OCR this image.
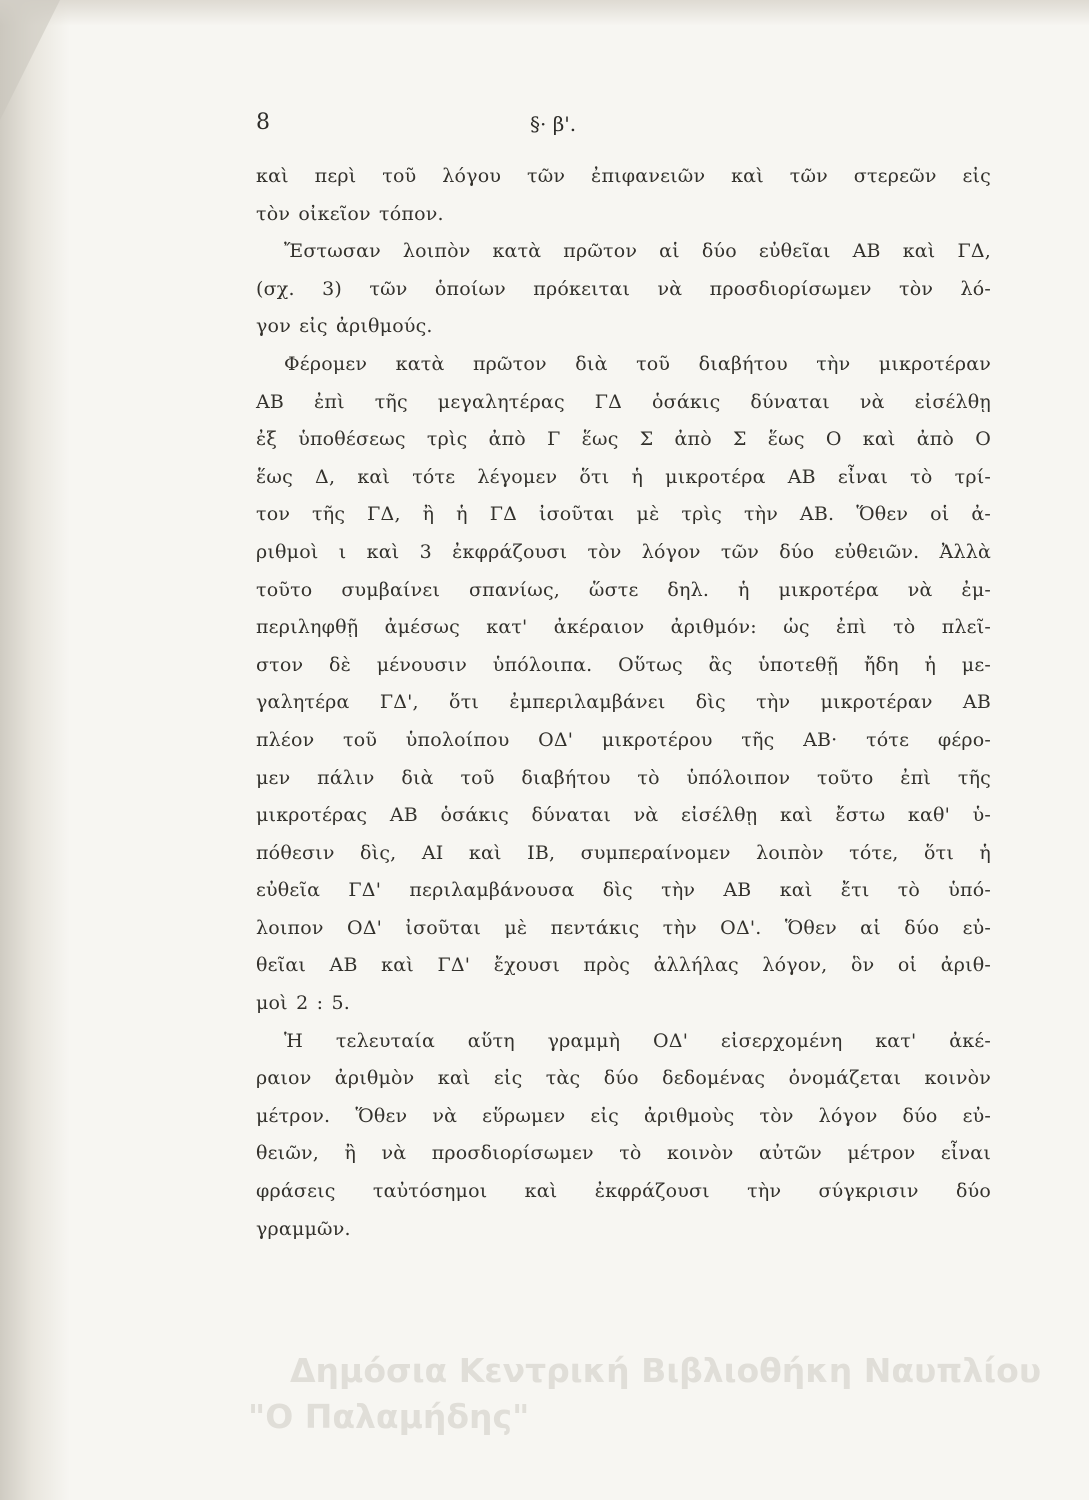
8	§· β'.
καὶ περὶ τοῦ λόγου τῶν ἐπιφανειῶν καὶ τῶν στερεῶν εἰς
τὸν οἰκεῖον τόπον.
Ἔστωσαν λοιπὸν κατὰ πρῶτον αἱ δύο εὐθεῖαι ΑΒ καὶ ΓΔ,
(σχ. 3) τῶν ὁποίων πρόκειται νὰ προσδιορίσωμεν τὸν λό-
γον εἰς ἀριθμούς.
Φέρομεν κατὰ πρῶτον διὰ τοῦ διαβήτου τὴν μικροτέραν
ΑΒ ἐπὶ τῆς μεγαλητέρας ΓΔ ὁσάκις δύναται νὰ εἰσέλθῃ
ἐξ ὑποθέσεως τρὶς ἀπὸ Γ ἕως Σ ἀπὸ Σ ἕως Ο καὶ ἀπὸ Ο
ἕως Δ, καὶ τότε λέγομεν ὅτι ἡ μικροτέρα ΑΒ εἶναι τὸ τρί-
τον τῆς ΓΔ, ἢ ἡ ΓΔ ἰσοῦται μὲ τρὶς τὴν ΑΒ. Ὅθεν οἱ ἀ-
ριθμοὶ ι καὶ 3 ἐκφράζουσι τὸν λόγον τῶν δύο εὐθειῶν. Ἀλλὰ
τοῦτο συμβαίνει σπανίως, ὥστε δηλ. ἡ μικροτέρα νὰ ἐμ-
περιληφθῇ ἀμέσως κατ' ἀκέραιον ἀριθμόν: ὡς ἐπὶ τὸ πλεῖ-
στον δὲ μένουσιν ὑπόλοιπα. Οὕτως ἂς ὑποτεθῇ ἤδη ἡ με-
γαλητέρα ΓΔ', ὅτι ἐμπεριλαμβάνει δὶς τὴν μικροτέραν ΑΒ
πλέον τοῦ ὑπολοίπου ΟΔ' μικροτέρου τῆς ΑΒ· τότε φέρο-
μεν πάλιν διὰ τοῦ διαβήτου τὸ ὑπόλοιπον τοῦτο ἐπὶ τῆς
μικροτέρας ΑΒ ὁσάκις δύναται νὰ εἰσέλθῃ καὶ ἔστω καθ' ὑ-
πόθεσιν δὶς, ΑΙ καὶ ΙΒ, συμπεραίνομεν λοιπὸν τότε, ὅτι ἡ
εὐθεῖα ΓΔ' περιλαμβάνουσα δὶς τὴν ΑΒ καὶ ἔτι τὸ ὑπό-
λοιπον ΟΔ' ἰσοῦται μὲ πεντάκις τὴν ΟΔ'. Ὅθεν αἱ δύο εὐ-
θεῖαι ΑΒ καὶ ΓΔ' ἔχουσι πρὸς ἀλλήλας λόγον, ὃν οἱ ἀριθ-
μοὶ 2 : 5.
Ἡ τελευταία αὕτη γραμμὴ ΟΔ' εἰσερχομένη κατ' ἀκέ-
ραιον ἀριθμὸν καὶ εἰς τὰς δύο δεδομένας ὀνομάζεται κοινὸν
μέτρον. Ὅθεν νὰ εὕρωμεν εἰς ἀριθμοὺς τὸν λόγον δύο εὐ-
θειῶν, ἢ νὰ προσδιορίσωμεν τὸ κοινὸν αὐτῶν μέτρον εἶναι
φράσεις ταὐτόσημοι καὶ ἐκφράζουσι τὴν σύγκρισιν δύο
γραμμῶν.
Δημόσια Κεντρική Βιβλιοθήκη Ναυπλίου
"Ο Παλαμήδης"
